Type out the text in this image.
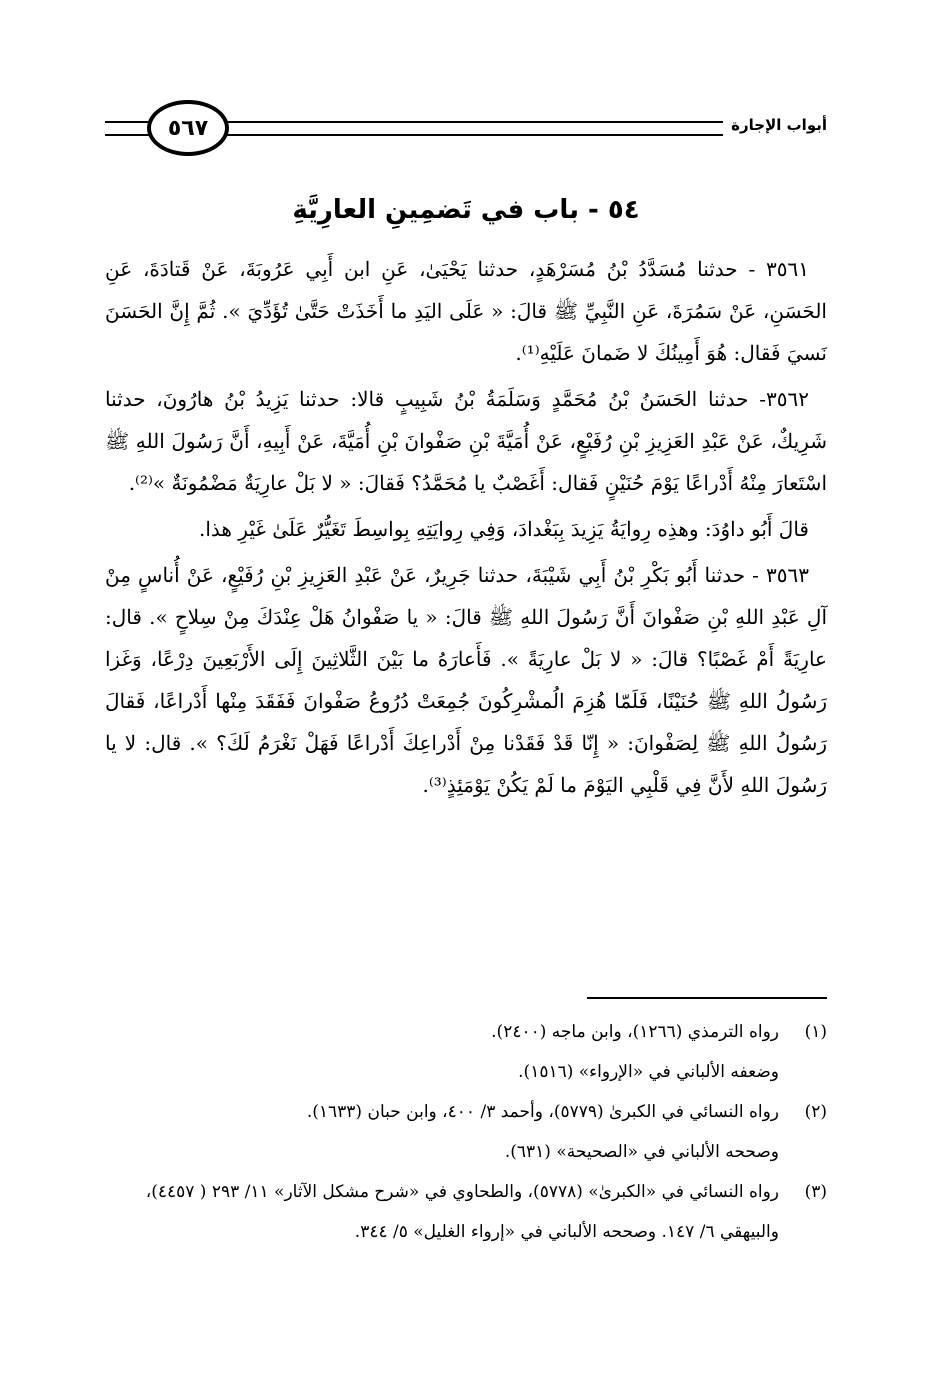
أبواب الإجارة
٥٦٧
٥٤ - باب في تَضمِينِ العارِيَّةِ

٣٥٦١ - حدثنا مُسَدَّدُ بْنُ مُسَرْهَدٍ، حدثنا يَحْيَىٰ، عَنِ ابن أَبِي عَرُوبَةَ، عَنْ قَتادَةَ، عَنِ الحَسَنِ، عَنْ سَمُرَةَ، عَنِ النَّبِيِّ ﷺ قالَ: « عَلَى اليَدِ ما أَخَذَتْ حَتَّىٰ تُؤَدِّيَ ». ثُمَّ إِنَّ الحَسَنَ نَسيَ فَقال: هُوَ أَمِينُكَ لا ضَمانَ عَلَيْهِ⁽¹⁾.

٣٥٦٢- حدثنا الحَسَنُ بْنُ مُحَمَّدٍ وَسَلَمَةُ بْنُ شَبِيبٍ قالا: حدثنا يَزِيدُ بْنُ هارُونَ، حدثنا شَرِيكٌ، عَنْ عَبْدِ العَزِيزِ بْنِ رُفَيْعٍ، عَنْ أُمَيَّةَ بْنِ صَفْوانَ بْنِ أُمَيَّةَ، عَنْ أَبِيهِ، أَنَّ رَسُولَ اللهِ ﷺ اسْتَعارَ مِنْهُ أَدْراعًا يَوْمَ حُنَيْنٍ فَقال: أَغَصْبٌ يا مُحَمَّدُ؟ فَقالَ: « لا بَلْ عارِيَةٌ مَضْمُونَةٌ »⁽²⁾.

قالَ أَبُو داوُدَ: وهذِه رِوايَةُ يَزِيدَ بِبَغْدادَ، وَفِي رِوايَتِهِ بِواسِطَ تَغَيُّرٌ عَلَىٰ غَيْرِ هذا.

٣٥٦٣ - حدثنا أَبُو بَكْرِ بْنُ أَبِي شَيْبَةَ، حدثنا جَرِيرٌ، عَنْ عَبْدِ العَزِيزِ بْنِ رُفَيْعٍ، عَنْ أُناسٍ مِنْ آلِ عَبْدِ اللهِ بْنِ صَفْوانَ أَنَّ رَسُولَ اللهِ ﷺ قالَ: « يا صَفْوانُ هَلْ عِنْدَكَ مِنْ سِلاحٍ ». قال: عارِيَةً أَمْ غَصْبًا؟ قالَ: « لا بَلْ عارِيَةً ». فَأَعارَهُ ما بَيْنَ الثَّلاثِينَ إِلَى الأَرْبَعِينَ دِرْعًا، وَغَزا رَسُولُ اللهِ ﷺ حُنَيْنًا، فَلَمّا هُزِمَ الُمشْرِكُونَ جُمِعَتْ دُرُوعُ صَفْوانَ فَفَقَدَ مِنْها أَدْراعًا، فَقالَ رَسُولُ اللهِ ﷺ لِصَفْوانَ: « إِنّا قَدْ فَقَدْنا مِنْ أَدْراعِكَ أَدْراعًا فَهَلْ نَغْرَمُ لَكَ؟ ». قال: لا يا رَسُولَ اللهِ لأَنَّ فِي قَلْبِي اليَوْمَ ما لَمْ يَكُنْ يَوْمَئِذٍ⁽³⁾.

(١)
رواه الترمذي (١٢٦٦)، وابن ماجه (٢٤٠٠).
وضعفه الألباني في «الإرواء» (١٥١٦).
(٢)
رواه النسائي في الكبرىٰ (٥٧٧٩)، وأحمد ٣/ ٤٠٠، وابن حبان (١٦٣٣).
وصححه الألباني في «الصحيحة» (٦٣١).
(٣)
رواه النسائي في «الكبرىٰ» (٥٧٧٨)، والطحاوي في «شرح مشكل الآثار» ١١/ ٢٩٣ ( ٤٤٥٧)، والبيهقي ٦/ ١٤٧. وصححه الألباني في «إرواء الغليل» ٥/ ٣٤٤.
